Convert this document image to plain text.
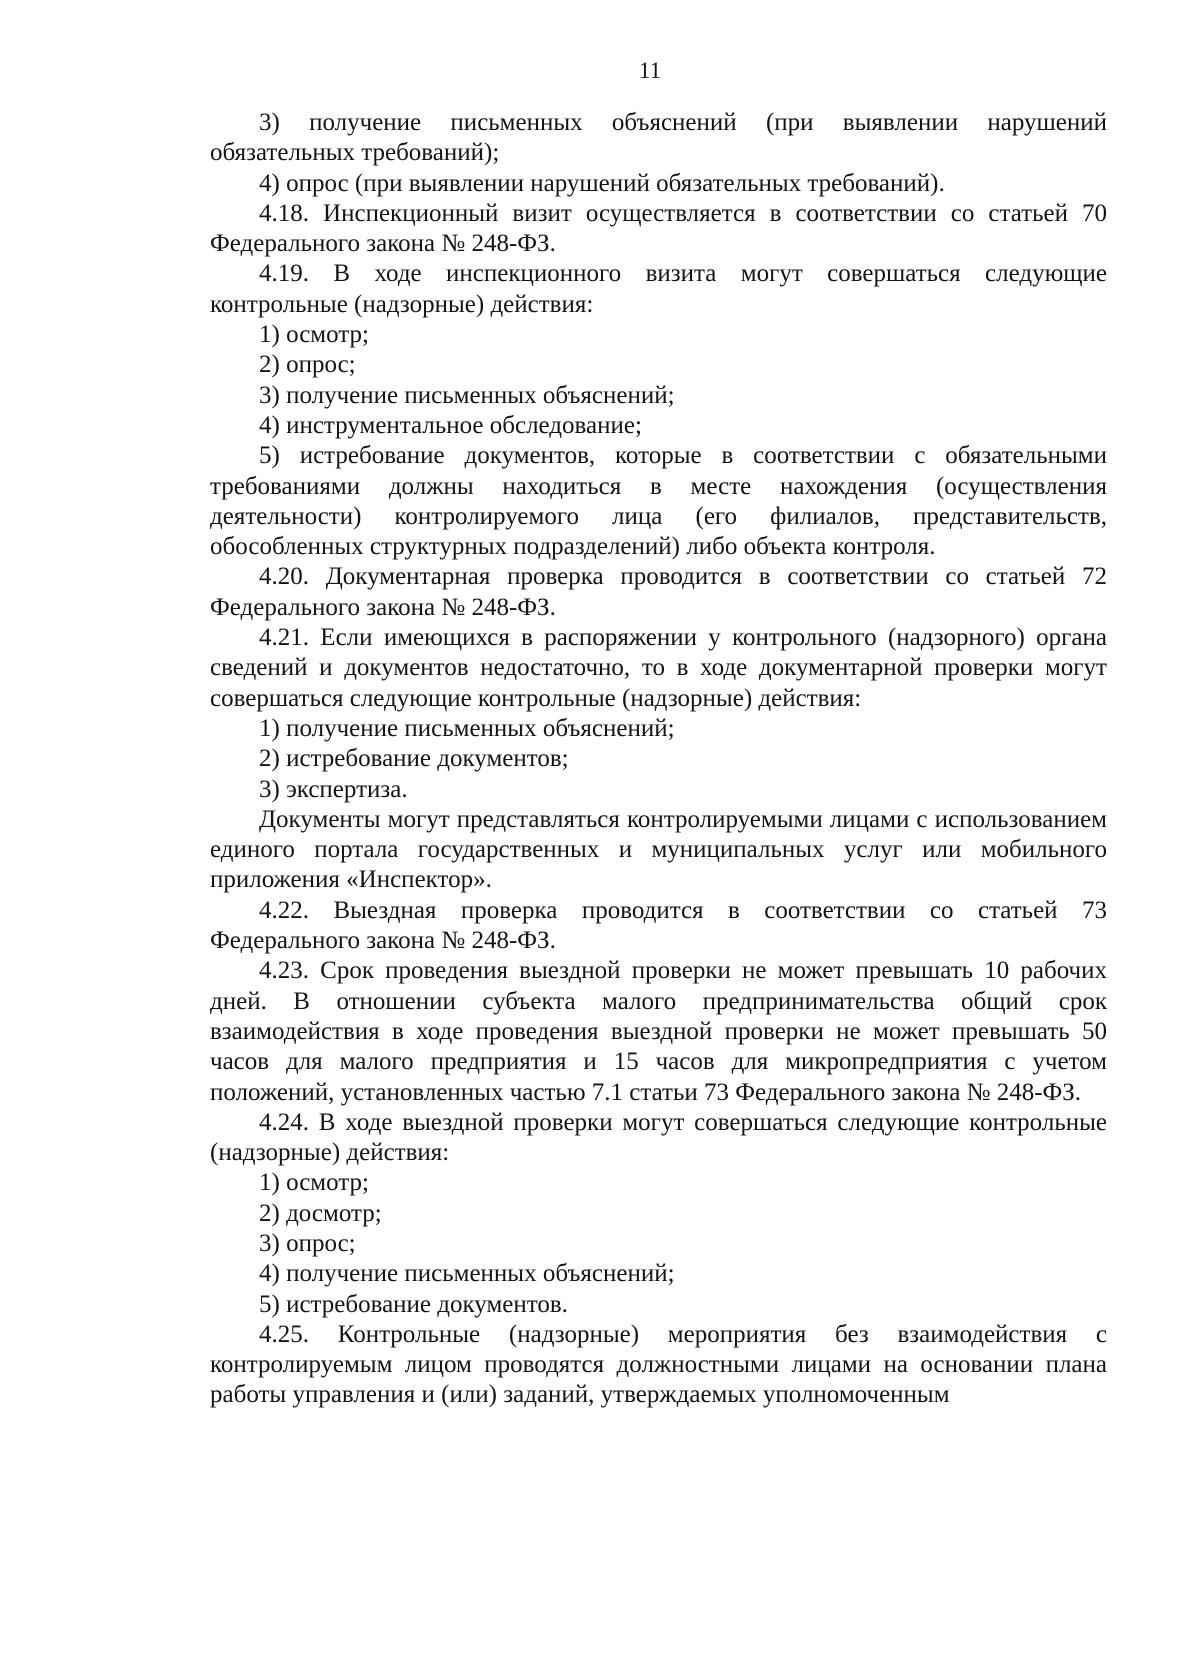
11

3) получение письменных объяснений (при выявлении нарушений обязательных требований);

4) опрос (при выявлении нарушений обязательных требований).

4.18. Инспекционный визит осуществляется в соответствии со статьей 70 Федерального закона № 248-ФЗ.

4.19. В ходе инспекционного визита могут совершаться следующие контрольные (надзорные) действия:

1) осмотр;

2) опрос;

3) получение письменных объяснений;

4) инструментальное обследование;

5) истребование документов, которые в соответствии с обязательными требованиями должны находиться в месте нахождения (осуществления деятельности) контролируемого лица (его филиалов, представительств, обособленных структурных подразделений) либо объекта контроля.

4.20. Документарная проверка проводится в соответствии со статьей 72 Федерального закона № 248-ФЗ.

4.21. Если имеющихся в распоряжении у контрольного (надзорного) органа сведений и документов недостаточно, то в ходе документарной проверки могут совершаться следующие контрольные (надзорные) действия:

1) получение письменных объяснений;

2) истребование документов;

3) экспертиза.

Документы могут представляться контролируемыми лицами с использованием единого портала государственных и муниципальных услуг или мобильного приложения «Инспектор».

4.22. Выездная проверка проводится в соответствии со статьей 73 Федерального закона № 248-ФЗ.

4.23. Срок проведения выездной проверки не может превышать 10 рабочих дней. В отношении субъекта малого предпринимательства общий срок взаимодействия в ходе проведения выездной проверки не может превышать 50 часов для малого предприятия и 15 часов для микропредприятия с учетом положений, установленных частью 7.1 статьи 73 Федерального закона № 248-ФЗ.

4.24. В ходе выездной проверки могут совершаться следующие контрольные (надзорные) действия:

1) осмотр;

2) досмотр;

3) опрос;

4) получение письменных объяснений;

5) истребование документов.

4.25. Контрольные (надзорные) мероприятия без взаимодействия с контролируемым лицом проводятся должностными лицами на основании плана работы управления и (или) заданий, утверждаемых уполномоченным
